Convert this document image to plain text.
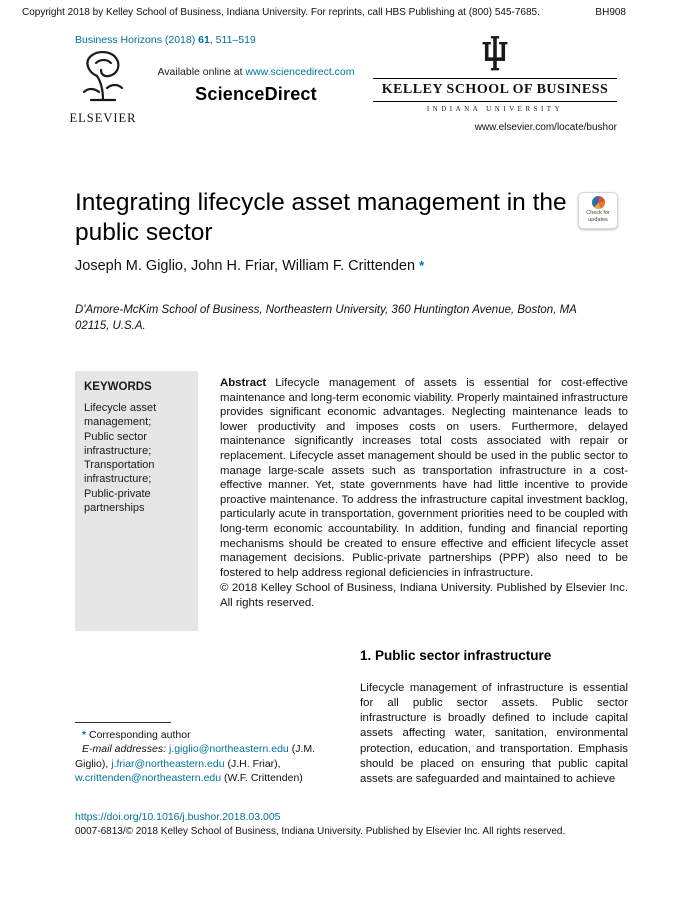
Copyright 2018 by Kelley School of Business, Indiana University. For reprints, call HBS Publishing at (800) 545-7685.	BH908
Business Horizons (2018) 61, 511–519
ELSEVIER
Available online at www.sciencedirect.com
ScienceDirect	KELLEY SCHOOL OF BUSINESS
INDIANA UNIVERSITY
www.elsevier.com/locate/bushor
Integrating lifecycle asset management in the public sector
Check for
updates
Joseph M. Giglio, John H. Friar, William F. Crittenden *
D'Amore-McKim School of Business, Northeastern University, 360 Huntington Avenue, Boston, MA 02115, U.S.A.
KEYWORDS
Lifecycle asset management;
Public sector infrastructure;
Transportation infrastructure;
Public-private partnerships
Abstract Lifecycle management of assets is essential for cost-effective maintenance and long-term economic viability. Properly maintained infrastructure provides significant economic advantages. Neglecting maintenance leads to lower productivity and imposes costs on users. Furthermore, delayed maintenance significantly increases total costs associated with repair or replacement. Lifecycle asset management should be used in the public sector to manage large-scale assets such as transportation infrastructure in a cost-effective manner. Yet, state governments have had little incentive to provide proactive maintenance. To address the infrastructure capital investment backlog, particularly acute in transportation, government priorities need to be coupled with long-term economic accountability. In addition, funding and financial reporting mechanisms should be created to ensure effective and efficient lifecycle asset management decisions. Public-private partnerships (PPP) also need to be fostered to help address regional deficiencies in infrastructure.
© 2018 Kelley School of Business, Indiana University. Published by Elsevier Inc. All rights reserved.
1. Public sector infrastructure
Lifecycle management of infrastructure is essential for all public sector assets. Public sector infrastructure is broadly defined to include capital assets affecting water, sanitation, environmental protection, education, and transportation. Emphasis should be placed on ensuring that public capital assets are safeguarded and maintained to achieve
* Corresponding author
E-mail addresses: j.giglio@northeastern.edu (J.M. Giglio), j.friar@northeastern.edu (J.H. Friar), w.crittenden@northeastern.edu (W.F. Crittenden)
https://doi.org/10.1016/j.bushor.2018.03.005
0007-6813/© 2018 Kelley School of Business, Indiana University. Published by Elsevier Inc. All rights reserved.
